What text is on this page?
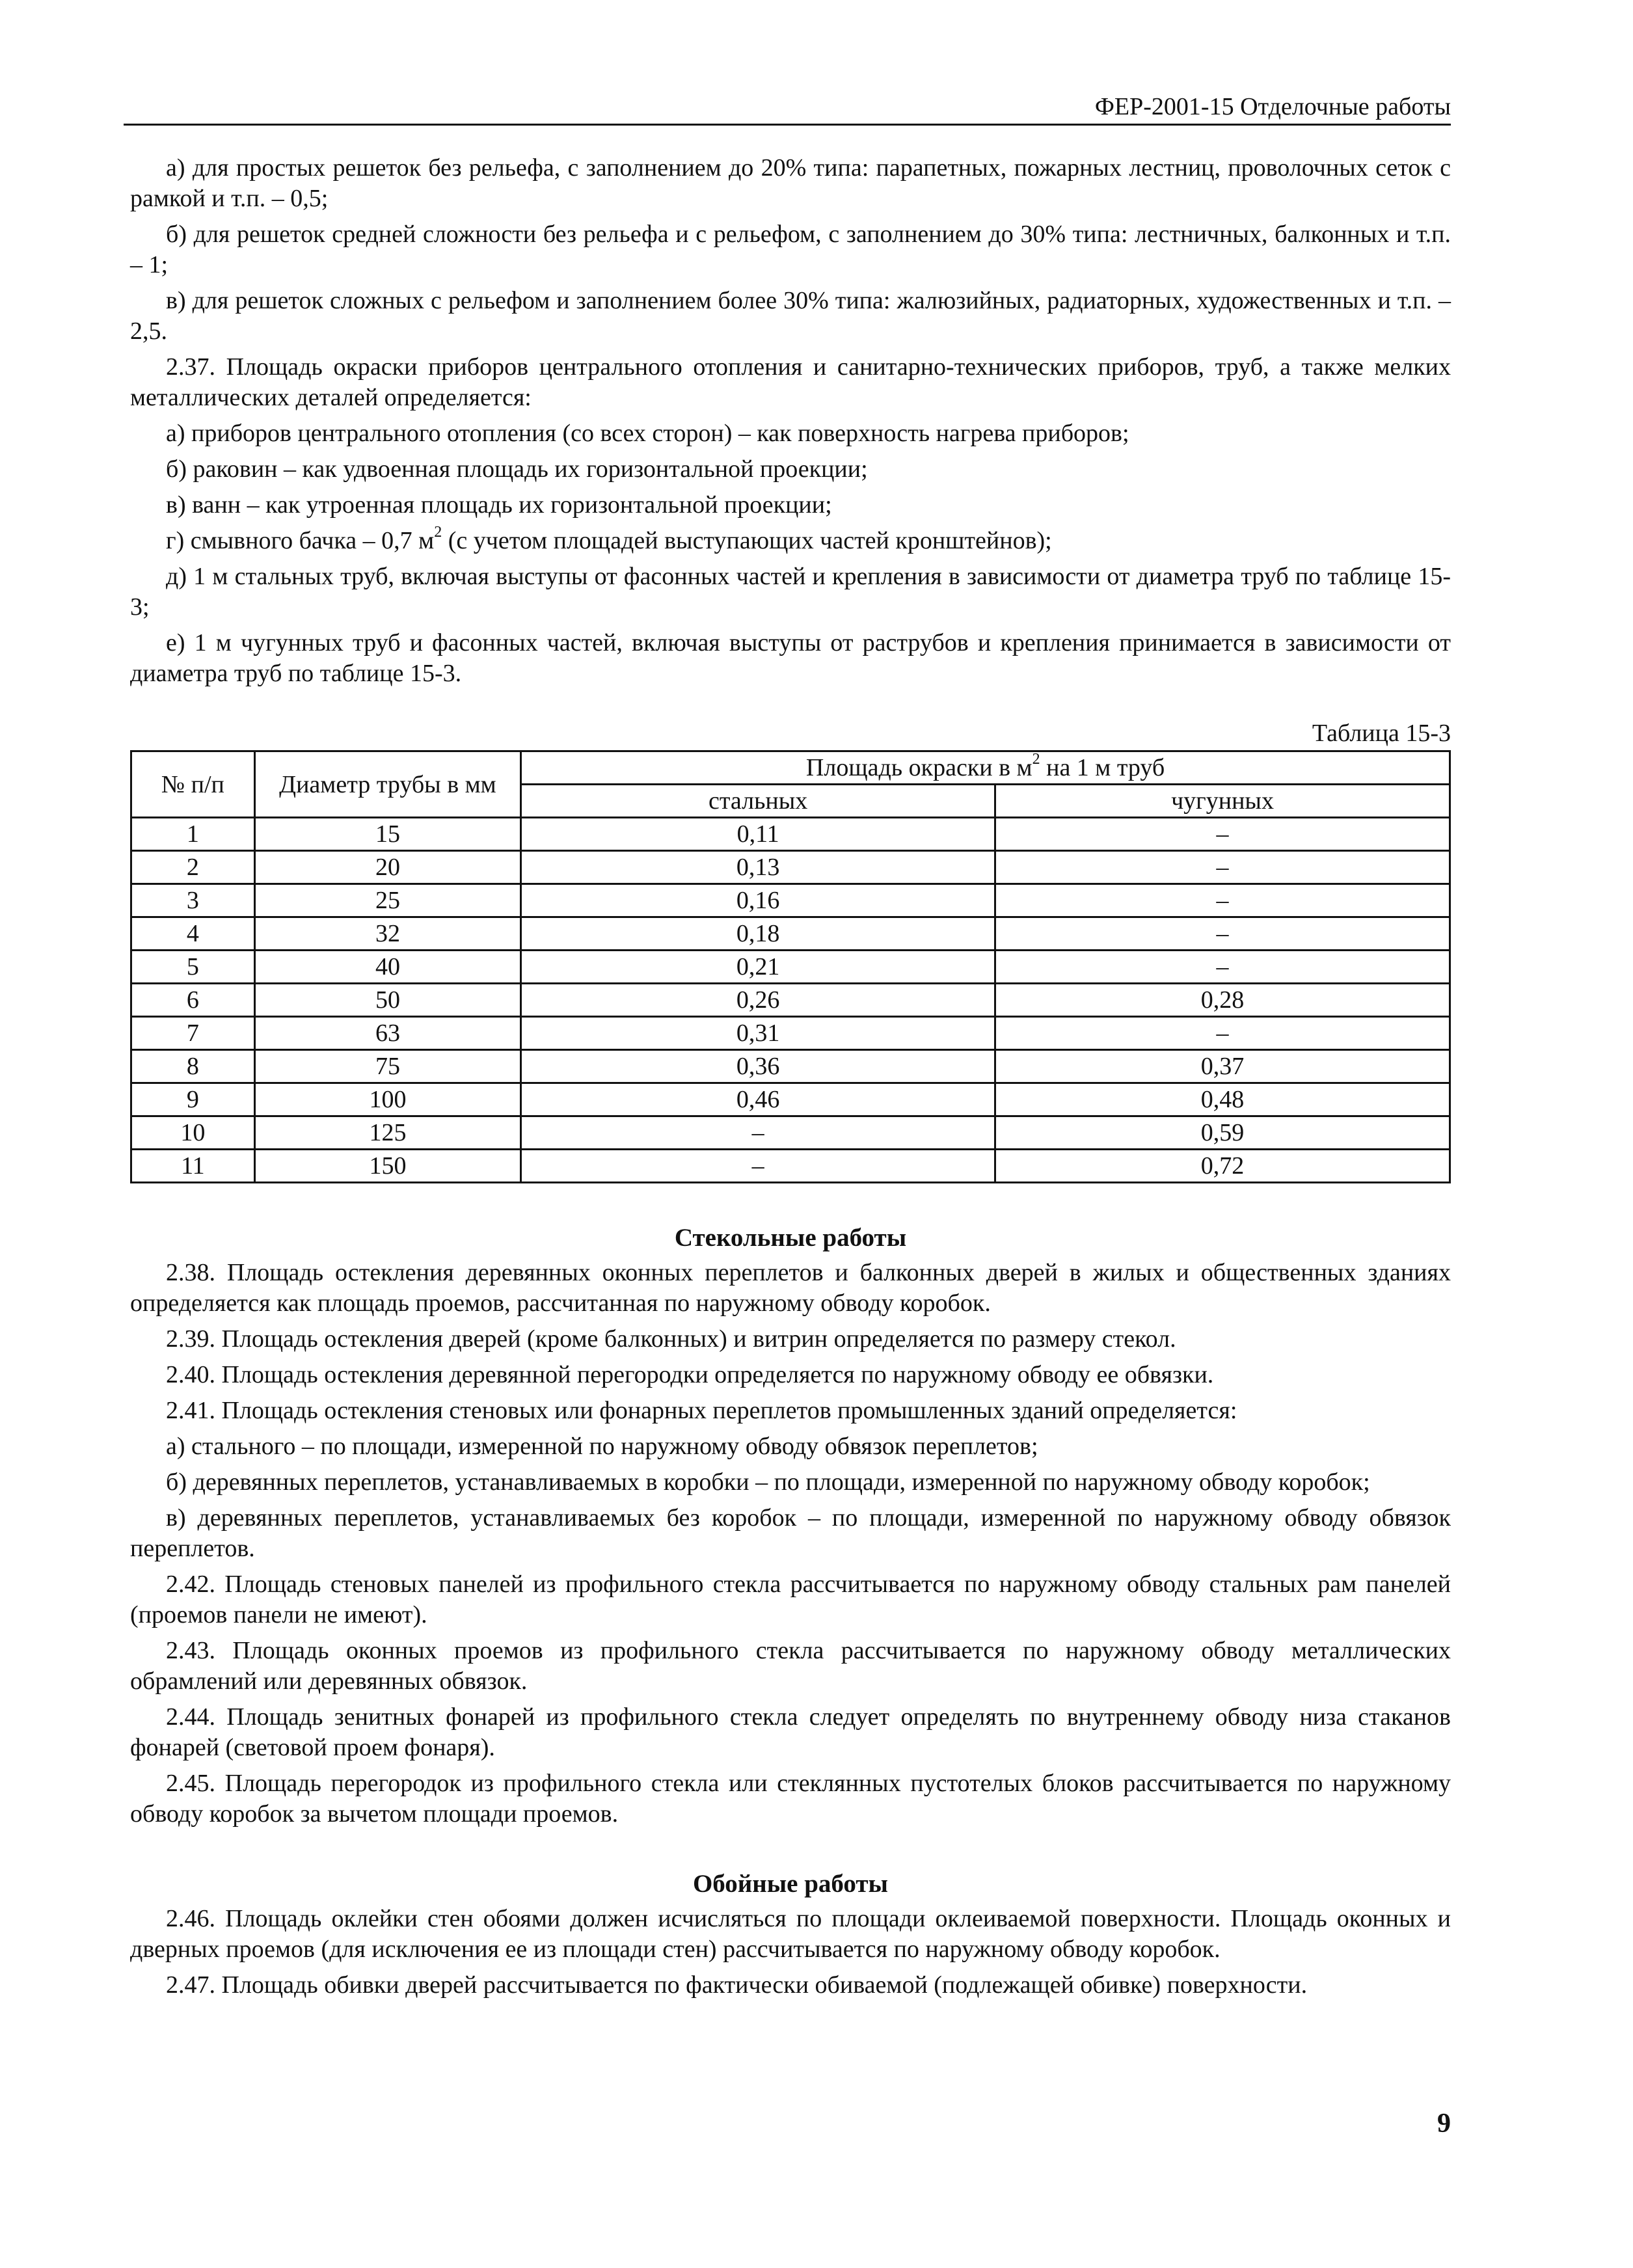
ФЕР-2001-15 Отделочные работы

а) для простых решеток без рельефа, с заполнением до 20% типа: парапетных, пожарных лестниц, проволочных сеток с рамкой и т.п. – 0,5;

б) для решеток средней сложности без рельефа и с рельефом, с заполнением до 30% типа: лестничных, балконных и т.п. – 1;

в) для решеток сложных с рельефом и заполнением более 30% типа: жалюзийных, радиаторных, художественных и т.п. – 2,5.

2.37. Площадь окраски приборов центрального отопления и санитарно-технических приборов, труб, а также мелких металлических деталей определяется:

а) приборов центрального отопления (со всех сторон) – как поверхность нагрева приборов;

б) раковин – как удвоенная площадь их горизонтальной проекции;

в) ванн – как утроенная площадь их горизонтальной проекции;

г) смывного бачка – 0,7 $м^2$ (с учетом площадей выступающих частей кронштейнов);

д) 1 м стальных труб, включая выступы от фасонных частей и крепления в зависимости от диаметра труб по таблице 15-3;

е) 1 м чугунных труб и фасонных частей, включая выступы от раструбов и крепления принимается в зависимости от диаметра труб по таблице 15-3.

Таблица 15-3
№ п/п	Диаметр трубы в мм	Площадь окраски в $м^2$ на 1 м труб	
		стальных	чугунных
1	15	0,11	–
2	20	0,13	–
3	25	0,16	–
4	32	0,18	–
5	40	0,21	–
6	50	0,26	0,28
7	63	0,31	–
8	75	0,36	0,37
9	100	0,46	0,48
10	125	–	0,59
11	150	–	0,72
Стекольные работы

2.38. Площадь остекления деревянных оконных переплетов и балконных дверей в жилых и общественных зданиях определяется как площадь проемов, рассчитанная по наружному обводу коробок.

2.39. Площадь остекления дверей (кроме балконных) и витрин определяется по размеру стекол.

2.40. Площадь остекления деревянной перегородки определяется по наружному обводу ее обвязки.

2.41. Площадь остекления стеновых или фонарных переплетов промышленных зданий определяется:

а) стального – по площади, измеренной по наружному обводу обвязок переплетов;

б) деревянных переплетов, устанавливаемых в коробки – по площади, измеренной по наружному обводу коробок;

в) деревянных переплетов, устанавливаемых без коробок – по площади, измеренной по наружному обводу обвязок переплетов.

2.42. Площадь стеновых панелей из профильного стекла рассчитывается по наружному обводу стальных рам панелей (проемов панели не имеют).

2.43. Площадь оконных проемов из профильного стекла рассчитывается по наружному обводу металлических обрамлений или деревянных обвязок.

2.44. Площадь зенитных фонарей из профильного стекла следует определять по внутреннему обводу низа стаканов фонарей (световой проем фонаря).

2.45. Площадь перегородок из профильного стекла или стеклянных пустотелых блоков рассчитывается по наружному обводу коробок за вычетом площади проемов.

Обойные работы

2.46. Площадь оклейки стен обоями должен исчисляться по площади оклеиваемой поверхности. Площадь оконных и дверных проемов (для исключения ее из площади стен) рассчитывается по наружному обводу коробок.

2.47. Площадь обивки дверей рассчитывается по фактически обиваемой (подлежащей обивке) поверхности.

9
